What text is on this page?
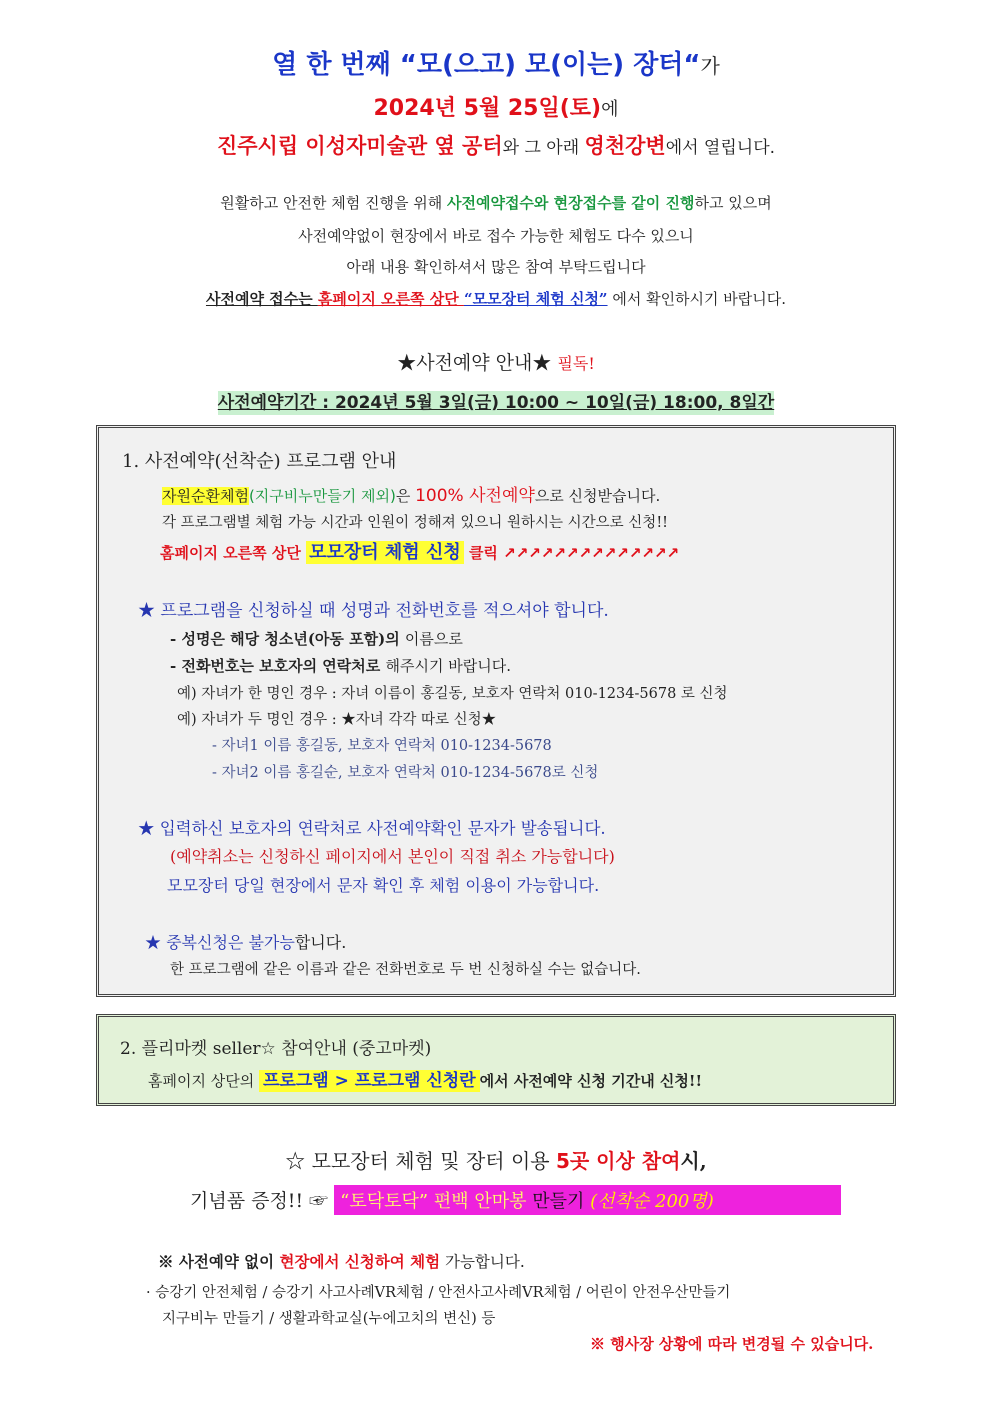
열 한 번째 “모(으고) 모(이는) 장터“가
2024년 5월 25일(토)에
진주시립 이성자미술관 옆 공터와 그 아래 영천강변에서 열립니다.
원활하고 안전한 체험 진행을 위해 사전예약접수와 현장접수를 같이 진행하고 있으며
사전예약없이 현장에서 바로 접수 가능한 체험도 다수 있으니
아래 내용 확인하셔서 많은 참여 부탁드립니다
사전예약 접수는 홈페이지 오른쪽 상단 “모모장터 체험 신청” 에서 확인하시기 바랍니다.
★사전예약 안내★ 필독!
사전예약기간 : 2024년 5월 3일(금) 10:00 ~ 10일(금) 18:00, 8일간
1. 사전예약(선착순) 프로그램 안내
자원순환체험(지구비누만들기 제외)은 100% 사전예약으로 신청받습니다.
각 프로그램별 체험 가능 시간과 인원이 정해져 있으니 원하시는 시간으로 신청!!
홈페이지 오른쪽 상단 모모장터 체험 신청 클릭 ↗↗↗↗↗↗↗↗↗↗↗↗↗↗
★ 프로그램을 신청하실 때 성명과 전화번호를 적으셔야 합니다.
- 성명은 해당 청소년(아동 포함)의 이름으로
- 전화번호는 보호자의 연락처로 해주시기 바랍니다.
예) 자녀가 한 명인 경우 : 자녀 이름이 홍길동, 보호자 연락처 010-1234-5678 로 신청
예) 자녀가 두 명인 경우 : ★자녀 각각 따로 신청★
- 자녀1 이름 홍길동, 보호자 연락처 010-1234-5678
- 자녀2 이름 홍길순, 보호자 연락처 010-1234-5678로 신청
★ 입력하신 보호자의 연락처로 사전예약확인 문자가 발송됩니다.
(예약취소는 신청하신 페이지에서 본인이 직접 취소 가능합니다)
모모장터 당일 현장에서 문자 확인 후 체험 이용이 가능합니다.
★ 중복신청은 불가능합니다.
한 프로그램에 같은 이름과 같은 전화번호로 두 번 신청하실 수는 없습니다.
2. 플리마켓 seller☆ 참여안내 (중고마켓)
홈페이지 상단의 프로그램 > 프로그램 신청란 에서 사전예약 신청 기간내 신청!!
☆ 모모장터 체험 및 장터 이용 5곳 이상 참여시,
기념품 증정!! ☞ “토닥토닥” 편백 안마봉 만들기 (선착순 200명)
※ 사전예약 없이 현장에서 신청하여 체험 가능합니다.
· 승강기 안전체험 / 승강기 사고사례VR체험 / 안전사고사례VR체험 / 어린이 안전우산만들기
지구비누 만들기 / 생활과학교실(누에고치의 변신) 등
※ 행사장 상황에 따라 변경될 수 있습니다.
